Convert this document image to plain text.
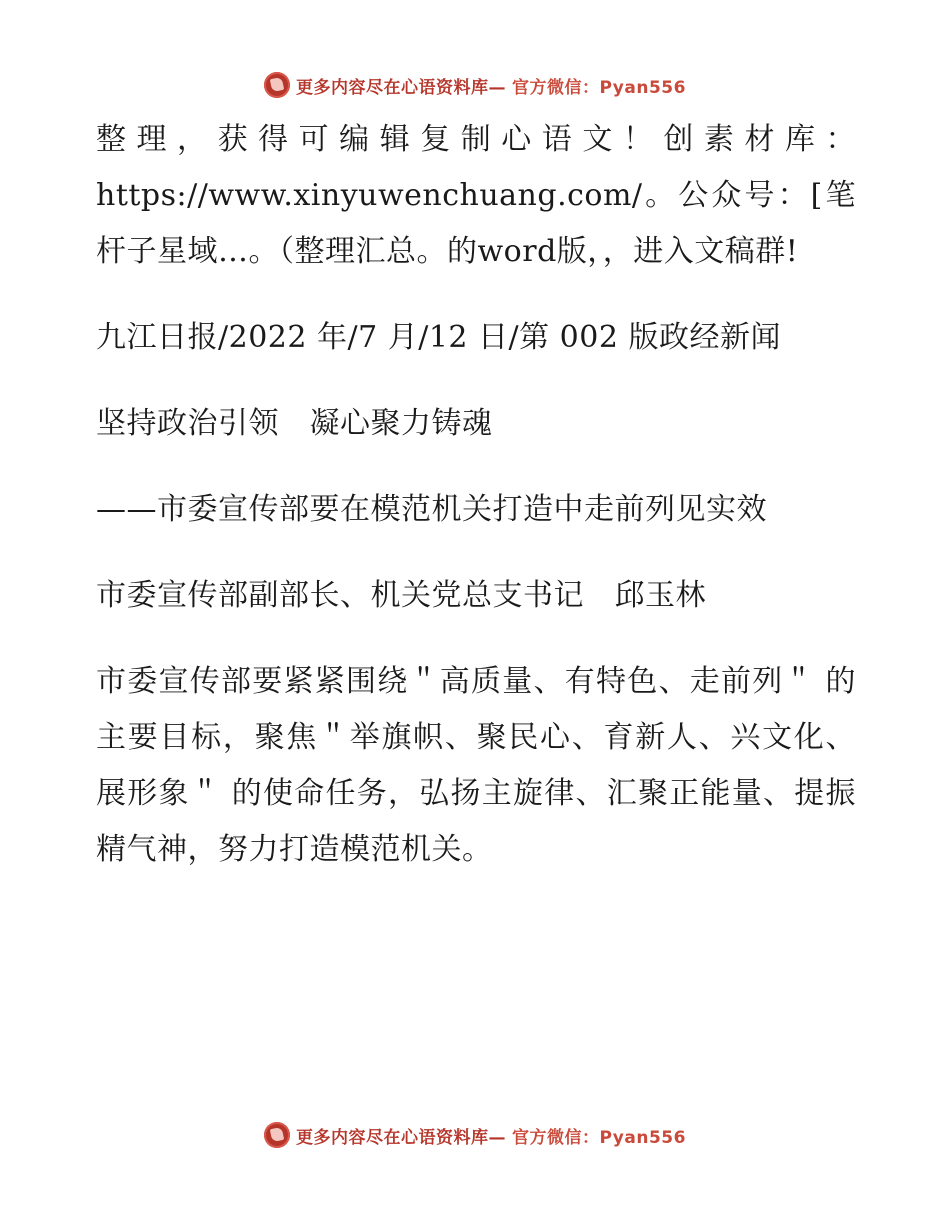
更多内容尽在心语资料库— 官方微信：Pyan556

整理，获得可编辑复制心语文！创素材库：https://www.xinyuwenchuang.com/。公众号：[笔杆子星域…。（整理汇总。的word版，，进入文稿群!

九江日报/2022 年/7 月/12 日/第 002 版政经新闻

坚持政治引领　凝心聚力铸魂

——市委宣传部要在模范机关打造中走前列见实效

市委宣传部副部长、机关党总支书记　邱玉林

市委宣传部要紧紧围绕＂高质量、有特色、走前列＂ 的主要目标，聚焦＂举旗帜、聚民心、育新人、兴文化、展形象＂ 的使命任务，弘扬主旋律、汇聚正能量、提振精气神，努力打造模范机关。

更多内容尽在心语资料库— 官方微信：Pyan556
